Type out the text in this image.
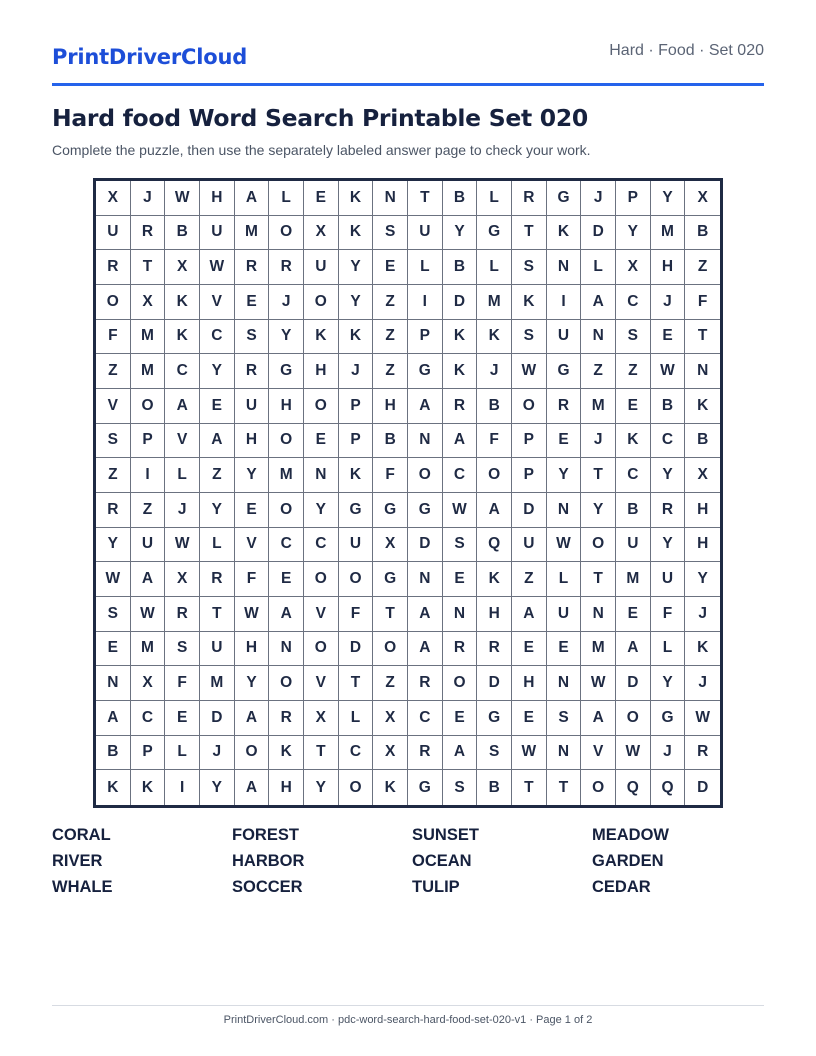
PrintDriverCloud	Hard · Food · Set 020
Hard food Word Search Printable Set 020
Complete the puzzle, then use the separately labeled answer page to check your work.
X	J	W	H	A	L	E	K	N	T	B	L	R	G	J	P	Y	X
U	R	B	U	M	O	X	K	S	U	Y	G	T	K	D	Y	M	B
R	T	X	W	R	R	U	Y	E	L	B	L	S	N	L	X	H	Z
O	X	K	V	E	J	O	Y	Z	I	D	M	K	I	A	C	J	F
F	M	K	C	S	Y	K	K	Z	P	K	K	S	U	N	S	E	T
Z	M	C	Y	R	G	H	J	Z	G	K	J	W	G	Z	Z	W	N
V	O	A	E	U	H	O	P	H	A	R	B	O	R	M	E	B	K
S	P	V	A	H	O	E	P	B	N	A	F	P	E	J	K	C	B
Z	I	L	Z	Y	M	N	K	F	O	C	O	P	Y	T	C	Y	X
R	Z	J	Y	E	O	Y	G	G	G	W	A	D	N	Y	B	R	H
Y	U	W	L	V	C	C	U	X	D	S	Q	U	W	O	U	Y	H
W	A	X	R	F	E	O	O	G	N	E	K	Z	L	T	M	U	Y
S	W	R	T	W	A	V	F	T	A	N	H	A	U	N	E	F	J
E	M	S	U	H	N	O	D	O	A	R	R	E	E	M	A	L	K
N	X	F	M	Y	O	V	T	Z	R	O	D	H	N	W	D	Y	J
A	C	E	D	A	R	X	L	X	C	E	G	E	S	A	O	G	W
B	P	L	J	O	K	T	C	X	R	A	S	W	N	V	W	J	R
K	K	I	Y	A	H	Y	O	K	G	S	B	T	T	O	Q	Q	D
CORAL	FOREST	SUNSET	MEADOW
RIVER	HARBOR	OCEAN	GARDEN
WHALE	SOCCER	TULIP	CEDAR
PrintDriverCloud.com · pdc-word-search-hard-food-set-020-v1 · Page 1 of 2
